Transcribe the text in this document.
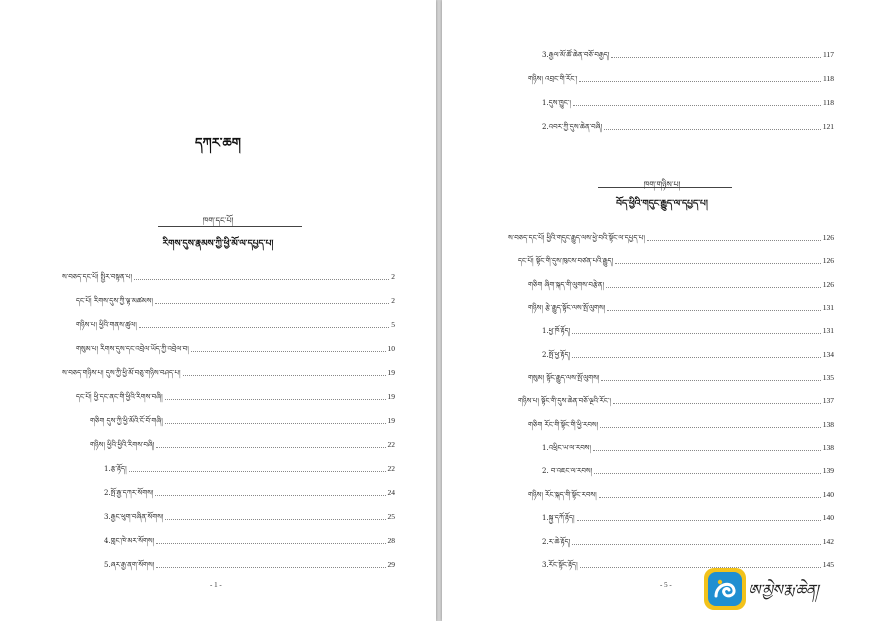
དཀར་ཆག
ཁག་དང་པོ།
རིགས་དུས་རྣམས་ཀྱི་ཕྱི་མོ་ལ་དཔྱད་པ།
ས་བཅད་དང་པོ། སྤྱིར་བསྟན་པ།	2
དང་པོ། རིགས་དུས་ཀྱི་ལྟ་མཚམས།	2
གཉིས་པ། ཕྱིའི་གནས་ཚུལ།	5
གསུམ་པ། རིགས་དུས་དང་འབྲེལ་ཡོད་ཀྱི་འབྲེལ་བ།	10
ས་བཅད་གཉིས་པ། དུས་ཀྱི་ཕྱི་མོ་བཅུ་གཉིས་བཤད་པ།	19
དང་པོ། ཕྱི་དང་ནང་གི་ཕྱིའི་རིགས་བཞི།	19
གཅིག དུས་ཀྱི་ཕྱི་མོའི་ངོ་བོ་གཞི།	19
གཉིས། ཕྱིའི་ཕྱིའི་རིགས་བཞི།	22
1.རྩ་རྟོད།	22
2.སྤོ་རྒྱ་དཀར་སོགས།	24
3.རྒྱང་ཕུག་བཞིན་སོགས།	25
4.གླང་ཁེ་མར་སོགས།	28
5.ཞར་རྒྱ་ནག་སོགས།	29
- 1 -
3.རྒྱལ་མོ་ཚོ་ཆེན་བཅོ་བརྒྱད།	117
གཉིས། འབྲང་གི་རོང་།	118
1.དུས་ཁྱུང་།	118
2.འབར་ཀྱི་དུས་ཆེན་བཞི།	121
ཁག་གཉིས་པ།
བོད་ཕྱིའི་གདུང་རྒྱུད་ལ་དཔྱད་པ།
ས་བཅད་དང་པོ། ཕྱིའི་གདུང་རྒྱུད་ལས་ཕྱེ་བའི་སྟོང་ལ་དཔྱད་པ།	126
དང་པོ། སྟོང་གི་དུས་ཁུངས་བཙན་པའི་རྒྱུད།	126
གཅིག ཞིག་སྐད་གི་ལུགས་བརྩེན།	126
གཉིས། རྩེ་རྒྱུད་སྟོང་ལས་སྤོ་ལུགས།	131
1.ཕྱ་ཁོ་རྟོད།	131
2.སྤོ་ཕྱ་རྟོད།	134
གསུམ། སྟོང་རྒྱུད་ལས་སྤོ་ལུགས།	135
གཉིས་པ། སྟོང་གི་དུས་ཆེན་བཅོ་ལྔའི་རོང་།	137
གཅིག རོང་གི་སྟོང་གི་ཕྱི་རབས།	138
1.འཕྲིང་ཡ་ལ་རབས།	138
2. བ་འཇང་ལ་རབས།	139
གཉིས། རོང་སྐད་གི་སྟོང་རབས།	140
1.སྐྱ་དཀོ་རྟོད།	140
2.ར་ཆེ་རྟོད།	142
3.རོང་སྟོང་རྟོད།	145
- 5 -	ཨ་མྱེས་རྨ་ཆེན།
